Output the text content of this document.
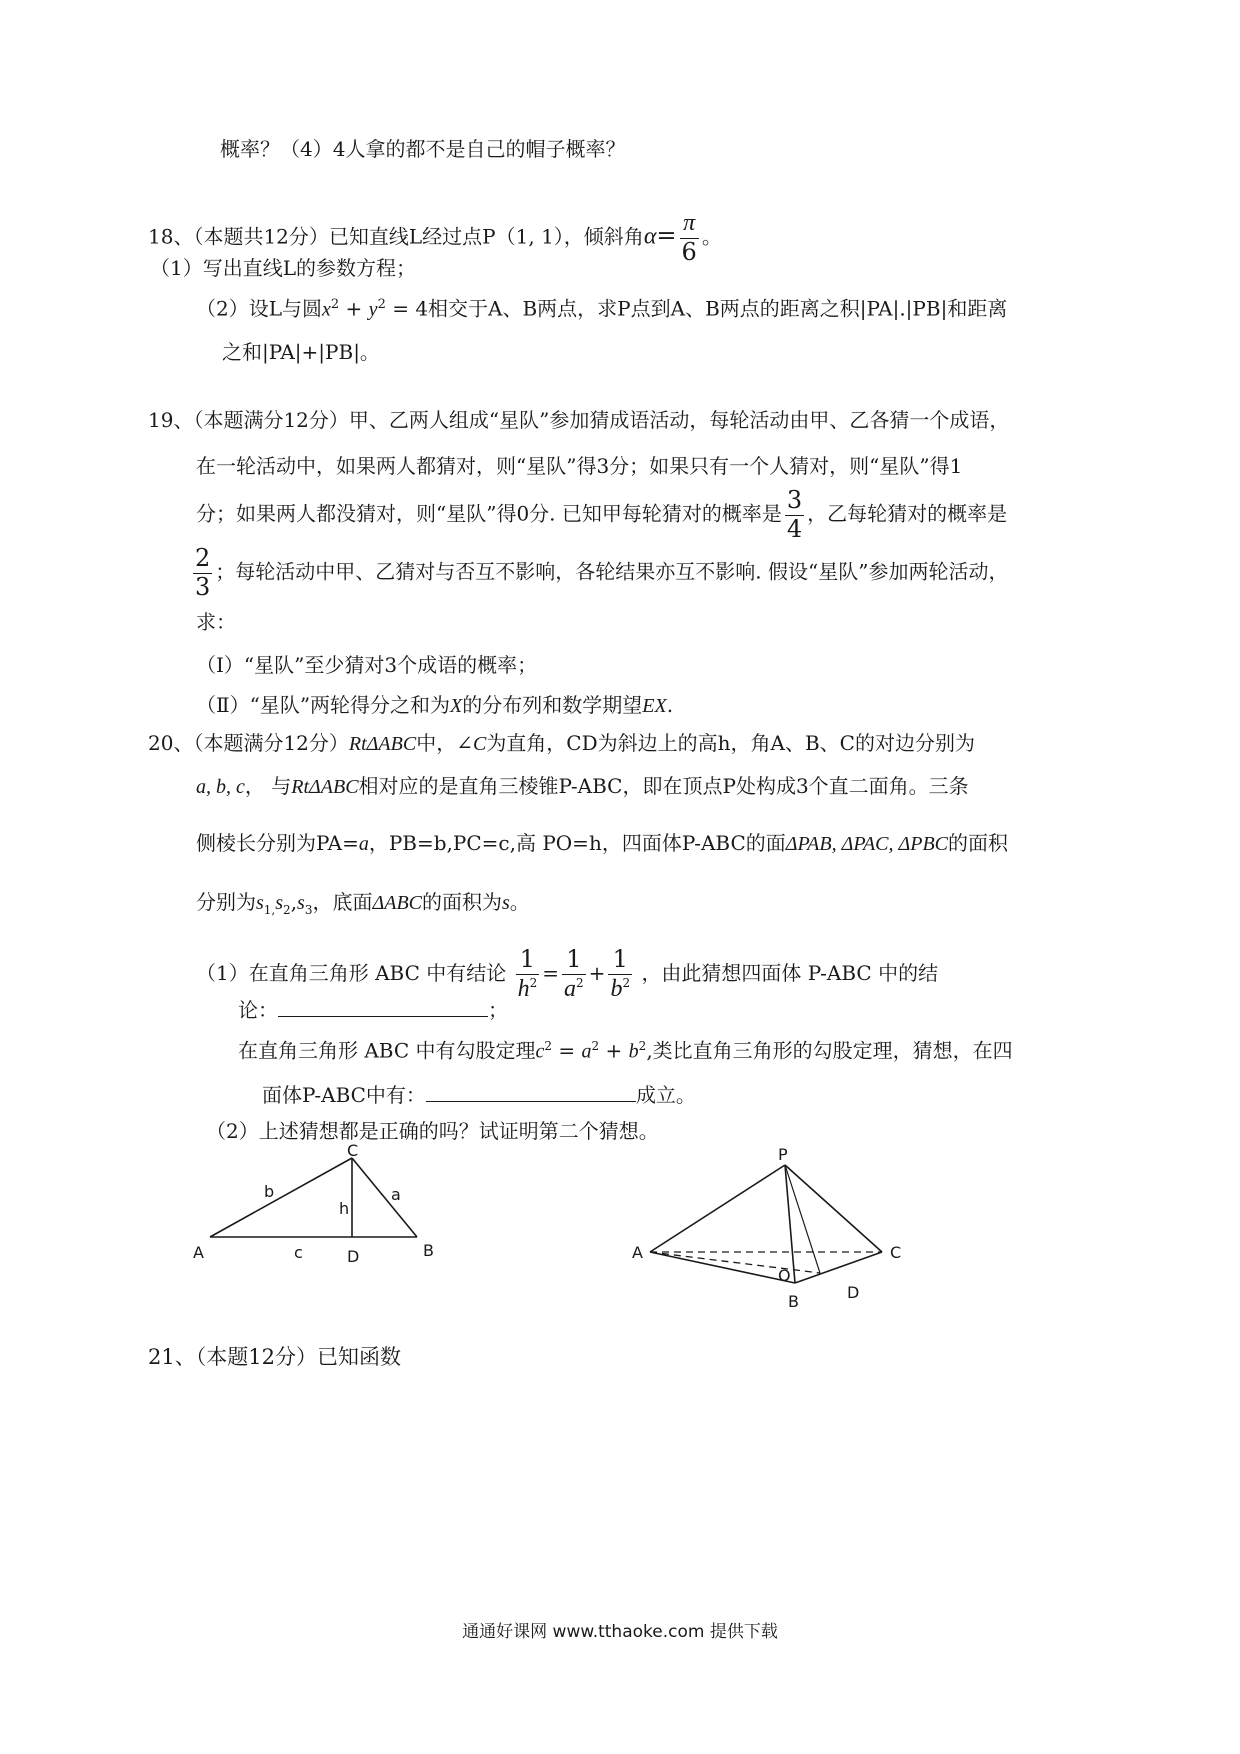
概率？（4）4人拿的都不是自己的帽子概率？
18、（本题共12分）已知直线L经过点P（1, 1），倾斜角$\alpha= \frac{\pi}{6}$ 。
（1）写出直线L的参数方程；
（2）设L与圆$x^2 + y^2 = 4$相交于A、B两点，求P点到A、B两点的距离之积|PA|.|PB|和距离
之和|PA|+|PB|。
19、（本题满分12分）甲、乙两人组成“星队”参加猜成语活动，每轮活动由甲、乙各猜一个成语，
在一轮活动中，如果两人都猜对，则“星队”得3分；如果只有一个人猜对，则“星队”得1
分；如果两人都没猜对，则“星队”得0分. 已知甲每轮猜对的概率是 $\frac{3}{4}$ ，乙每轮猜对的概率是
$\frac{2}{3}$ ；每轮活动中甲、乙猜对与否互不影响，各轮结果亦互不影响. 假设“星队”参加两轮活动，
求：
（I）“星队”至少猜对3个成语的概率；
（Ⅱ）“星队”两轮得分之和为X的分布列和数学期望EX.
20、（本题满分12分）RtΔABC中，∠C为直角，CD为斜边上的高h，角A、B、C的对边分别为
a, b, c， 与RtΔABC相对应的是直角三棱锥P-ABC，即在顶点P处构成3个直二面角。三条
侧棱长分别为PA=a，PB=b,PC=c,高 PO=h，四面体P-ABC的面ΔPAB, ΔPAC, ΔPBC的面积
分别为$s_{1,}s_2,s_3$，底面ΔABC的面积为s。
（1）在直角三角形 ABC 中有结论 $\frac{1}{h^2} = \frac{1}{a^2} + \frac{1}{b^2}$ ，由此猜想四面体 P-ABC 中的结
论：	；
在直角三角形 ABC 中有勾股定理$c^2 = a^2 + b^2$,类比直角三角形的勾股定理，猜想，在四
面体P-ABC中有：	成立。
（2）上述猜想都是正确的吗？试证明第二个猜想。
A	B
C
D
a
b
c
h
A	C
P
B	D
O
21、（本题12分）已知函数
通通好课网 www.tthaoke.com 提供下载
